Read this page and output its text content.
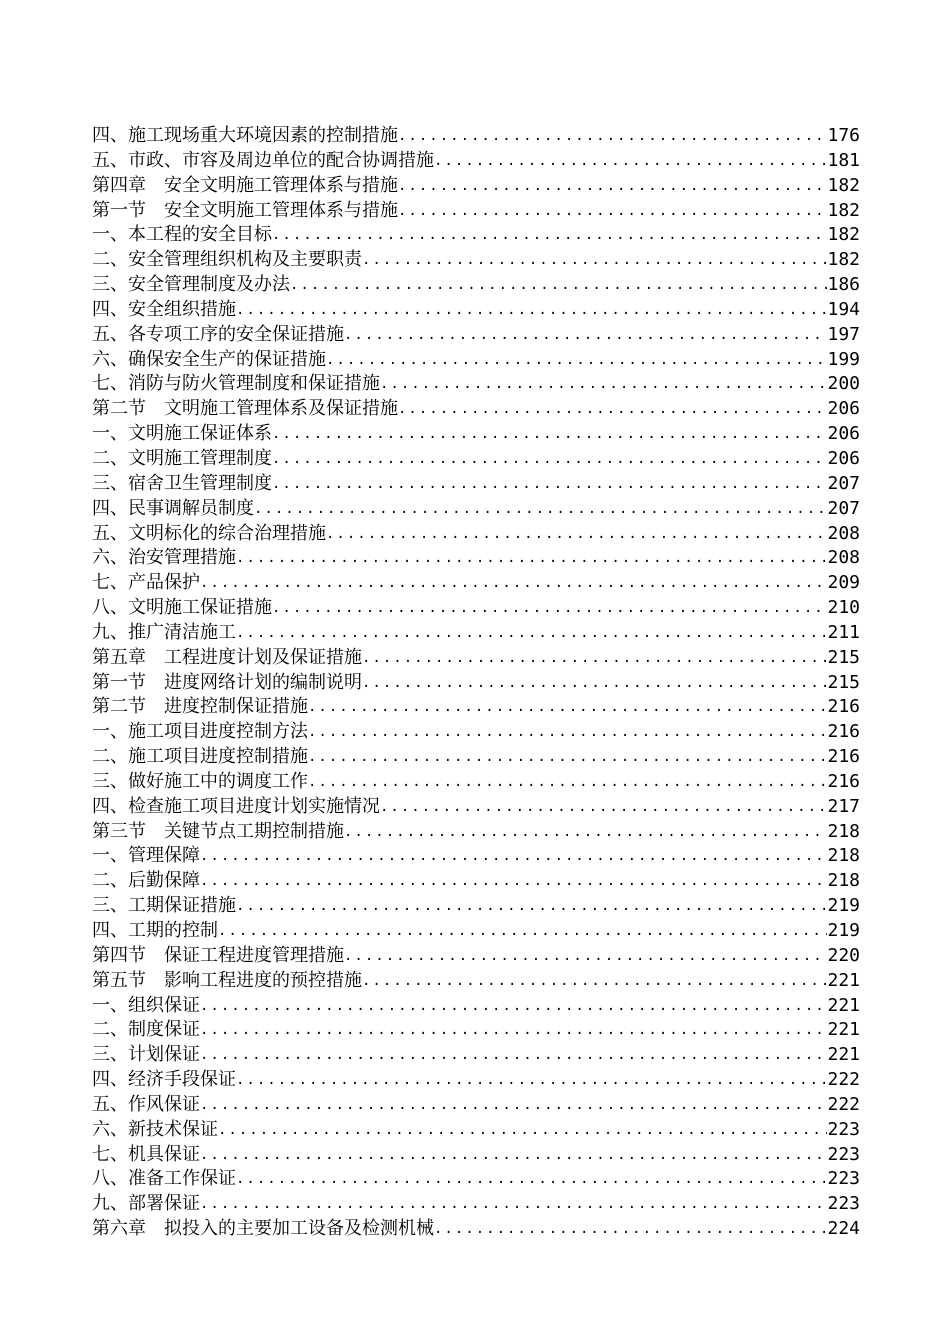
四、施工现场重大环境因素的控制措施 .....	176
五、市政、市容及周边单位的配合协调措施 .....	181
第四章　安全文明施工管理体系与措施 .....	182
第一节　安全文明施工管理体系与措施 .....	182
一、本工程的安全目标 .....	182
二、安全管理组织机构及主要职责 .....	182
三、安全管理制度及办法 .....	186
四、安全组织措施 .....	194
五、各专项工序的安全保证措施 .....	197
六、确保安全生产的保证措施 .....	199
七、消防与防火管理制度和保证措施 .....	200
第二节　文明施工管理体系及保证措施 .....	206
一、文明施工保证体系 .....	206
二、文明施工管理制度 .....	206
三、宿舍卫生管理制度 .....	207
四、民事调解员制度 .....	207
五、文明标化的综合治理措施 .....	208
六、治安管理措施 .....	208
七、产品保护 .....	209
八、文明施工保证措施 .....	210
九、推广清洁施工 .....	211
第五章　工程进度计划及保证措施 .....	215
第一节　进度网络计划的编制说明 .....	215
第二节　进度控制保证措施 .....	216
一、施工项目进度控制方法 .....	216
二、施工项目进度控制措施 .....	216
三、做好施工中的调度工作 .....	216
四、检查施工项目进度计划实施情况 .....	217
第三节　关键节点工期控制措施 .....	218
一、管理保障 .....	218
二、后勤保障 .....	218
三、工期保证措施 .....	219
四、工期的控制 .....	219
第四节　保证工程进度管理措施 .....	220
第五节　影响工程进度的预控措施 .....	221
一、组织保证 .....	221
二、制度保证 .....	221
三、计划保证 .....	221
四、经济手段保证 .....	222
五、作风保证 .....	222
六、新技术保证 .....	223
七、机具保证 .....	223
八、准备工作保证 .....	223
九、部署保证 .....	223
第六章　拟投入的主要加工设备及检测机械 .....	224
